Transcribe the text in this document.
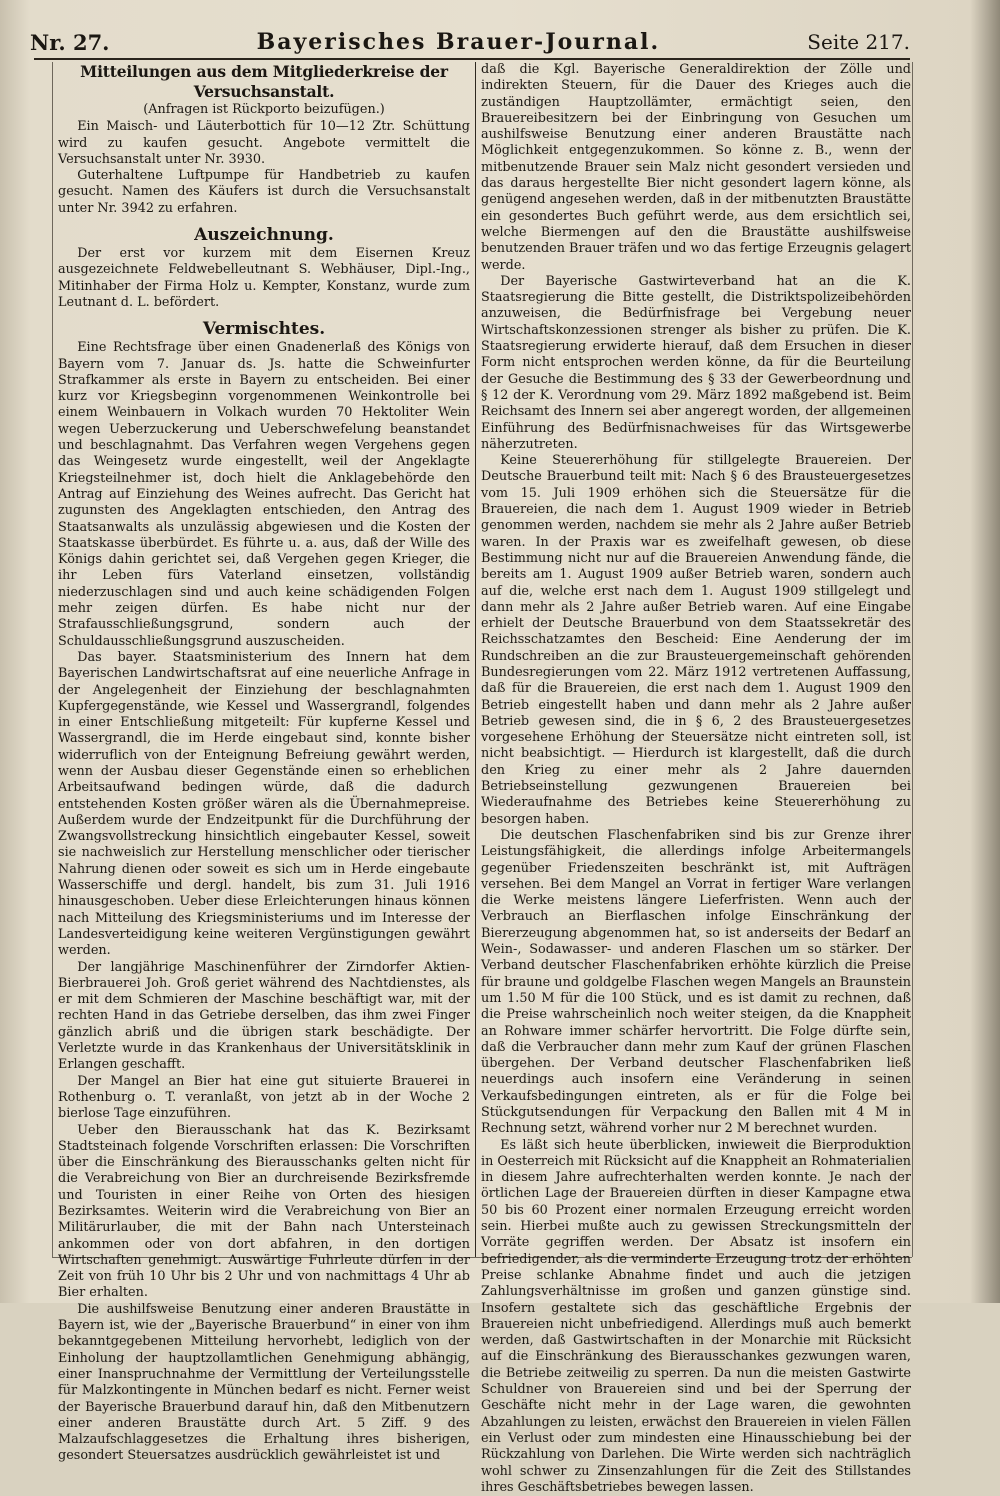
Nr. 27.	Bayerisches Brauer-Journal.	Seite 217.
Mitteilungen aus dem Mitgliederkreise der Versuchsanstalt.
(Anfragen ist Rückporto beizufügen.)

Ein Maisch- und Läuterbottich für 10—12 Ztr. Schüttung wird zu kaufen gesucht. Angebote vermittelt die Versuchsanstalt unter Nr. 3930.

Guterhaltene Luftpumpe für Handbetrieb zu kaufen gesucht. Namen des Käufers ist durch die Versuchsanstalt unter Nr. 3942 zu erfahren.

Auszeichnung.

Der erst vor kurzem mit dem Eisernen Kreuz ausgezeichnete Feldwebelleutnant S. Webhäuser, Dipl.-Ing., Mitinhaber der Firma Holz u. Kempter, Konstanz, wurde zum Leutnant d. L. befördert.

Vermischtes.

Eine Rechtsfrage über einen Gnadenerlaß des Königs von Bayern vom 7. Januar ds. Js. hatte die Schweinfurter Strafkammer als erste in Bayern zu entscheiden. Bei einer kurz vor Kriegsbeginn vorgenommenen Weinkontrolle bei einem Weinbauern in Volkach wurden 70 Hektoliter Wein wegen Ueberzuckerung und Ueberschwefelung beanstandet und beschlagnahmt. Das Verfahren wegen Vergehens gegen das Weingesetz wurde eingestellt, weil der Angeklagte Kriegsteilnehmer ist, doch hielt die Anklagebehörde den Antrag auf Einziehung des Weines aufrecht. Das Gericht hat zugunsten des Angeklagten entschieden, den Antrag des Staatsanwalts als unzulässig abgewiesen und die Kosten der Staatskasse überbürdet. Es führte u. a. aus, daß der Wille des Königs dahin gerichtet sei, daß Vergehen gegen Krieger, die ihr Leben fürs Vaterland einsetzen, vollständig niederzuschlagen sind und auch keine schädigenden Folgen mehr zeigen dürfen. Es habe nicht nur der Strafausschließungsgrund, sondern auch der Schuldausschließungsgrund auszuscheiden.

Das bayer. Staatsministerium des Innern hat dem Bayerischen Landwirtschaftsrat auf eine neuerliche Anfrage in der Angelegenheit der Einziehung der beschlagnahmten Kupfergegenstände, wie Kessel und Wassergrandl, folgendes in einer Entschließung mitgeteilt: Für kupferne Kessel und Wassergrandl, die im Herde eingebaut sind, konnte bisher widerruflich von der Enteignung Befreiung gewährt werden, wenn der Ausbau dieser Gegenstände einen so erheblichen Arbeitsaufwand bedingen würde, daß die dadurch entstehenden Kosten größer wären als die Übernahmepreise. Außerdem wurde der Endzeitpunkt für die Durchführung der Zwangsvollstreckung hinsichtlich eingebauter Kessel, soweit sie nachweislich zur Herstellung menschlicher oder tierischer Nahrung dienen oder soweit es sich um in Herde eingebaute Wasserschiffe und dergl. handelt, bis zum 31. Juli 1916 hinausgeschoben. Ueber diese Erleichterungen hinaus können nach Mitteilung des Kriegsministeriums und im Interesse der Landesverteidigung keine weiteren Vergünstigungen gewährt werden.

Der langjährige Maschinenführer der Zirndorfer Aktien-Bierbrauerei Joh. Groß geriet während des Nachtdienstes, als er mit dem Schmieren der Maschine beschäftigt war, mit der rechten Hand in das Getriebe derselben, das ihm zwei Finger gänzlich abriß und die übrigen stark beschädigte. Der Verletzte wurde in das Krankenhaus der Universitätsklinik in Erlangen geschafft.

Der Mangel an Bier hat eine gut situierte Brauerei in Rothenburg o. T. veranlaßt, von jetzt ab in der Woche 2 bierlose Tage einzuführen.

Ueber den Bierausschank hat das K. Bezirksamt Stadtsteinach folgende Vorschriften erlassen: Die Vorschriften über die Einschränkung des Bierausschanks gelten nicht für die Verabreichung von Bier an durchreisende Bezirksfremde und Touristen in einer Reihe von Orten des hiesigen Bezirksamtes. Weiterin wird die Verabreichung von Bier an Militärurlauber, die mit der Bahn nach Untersteinach ankommen oder von dort abfahren, in den dortigen Wirtschaften genehmigt. Auswärtige Fuhrleute dürfen in der Zeit von früh 10 Uhr bis 2 Uhr und von nachmittags 4 Uhr ab Bier erhalten.

Die aushilfsweise Benutzung einer anderen Braustätte in Bayern ist, wie der „Bayerische Brauerbund“ in einer von ihm bekanntgegebenen Mitteilung hervorhebt, lediglich von der Einholung der hauptzollamtlichen Genehmigung abhängig, einer Inanspruchnahme der Vermittlung der Verteilungsstelle für Malzkontingente in München bedarf es nicht. Ferner weist der Bayerische Brauerbund darauf hin, daß den Mitbenutzern einer anderen Braustätte durch Art. 5 Ziff. 9 des Malzaufschlaggesetzes die Erhaltung ihres bisherigen, gesondert Steuersatzes ausdrücklich gewährleistet ist und

daß die Kgl. Bayerische Generaldirektion der Zölle und indirekten Steuern, für die Dauer des Krieges auch die zuständigen Hauptzollämter, ermächtigt seien, den Brauereibesitzern bei der Einbringung von Gesuchen um aushilfsweise Benutzung einer anderen Braustätte nach Möglichkeit entgegenzukommen. So könne z. B., wenn der mitbenutzende Brauer sein Malz nicht gesondert versieden und das daraus hergestellte Bier nicht gesondert lagern könne, als genügend angesehen werden, daß in der mitbenutzten Braustätte ein gesondertes Buch geführt werde, aus dem ersichtlich sei, welche Biermengen auf den die Braustätte aushilfsweise benutzenden Brauer träfen und wo das fertige Erzeugnis gelagert werde.

Der Bayerische Gastwirteverband hat an die K. Staatsregierung die Bitte gestellt, die Distriktspolizeibehörden anzuweisen, die Bedürfnisfrage bei Vergebung neuer Wirtschaftskonzessionen strenger als bisher zu prüfen. Die K. Staatsregierung erwiderte hierauf, daß dem Ersuchen in dieser Form nicht entsprochen werden könne, da für die Beurteilung der Gesuche die Bestimmung des § 33 der Gewerbeordnung und § 12 der K. Verordnung vom 29. März 1892 maßgebend ist. Beim Reichsamt des Innern sei aber angeregt worden, der allgemeinen Einführung des Bedürfnisnachweises für das Wirtsgewerbe näherzutreten.

Keine Steuererhöhung für stillgelegte Brauereien. Der Deutsche Brauerbund teilt mit: Nach § 6 des Brausteuergesetzes vom 15. Juli 1909 erhöhen sich die Steuersätze für die Brauereien, die nach dem 1. August 1909 wieder in Betrieb genommen werden, nachdem sie mehr als 2 Jahre außer Betrieb waren. In der Praxis war es zweifelhaft gewesen, ob diese Bestimmung nicht nur auf die Brauereien Anwendung fände, die bereits am 1. August 1909 außer Betrieb waren, sondern auch auf die, welche erst nach dem 1. August 1909 stillgelegt und dann mehr als 2 Jahre außer Betrieb waren. Auf eine Eingabe erhielt der Deutsche Brauerbund von dem Staatssekretär des Reichsschatzamtes den Bescheid: Eine Aenderung der im Rundschreiben an die zur Brausteuergemeinschaft gehörenden Bundesregierungen vom 22. März 1912 vertretenen Auffassung, daß für die Brauereien, die erst nach dem 1. August 1909 den Betrieb eingestellt haben und dann mehr als 2 Jahre außer Betrieb gewesen sind, die in § 6, 2 des Brausteuergesetzes vorgesehene Erhöhung der Steuersätze nicht eintreten soll, ist nicht beabsichtigt. — Hierdurch ist klargestellt, daß die durch den Krieg zu einer mehr als 2 Jahre dauernden Betriebseinstellung gezwungenen Brauereien bei Wiederaufnahme des Betriebes keine Steuererhöhung zu besorgen haben.

Die deutschen Flaschenfabriken sind bis zur Grenze ihrer Leistungsfähigkeit, die allerdings infolge Arbeitermangels gegenüber Friedenszeiten beschränkt ist, mit Aufträgen versehen. Bei dem Mangel an Vorrat in fertiger Ware verlangen die Werke meistens längere Lieferfristen. Wenn auch der Verbrauch an Bierflaschen infolge Einschränkung der Biererzeugung abgenommen hat, so ist anderseits der Bedarf an Wein-, Sodawasser- und anderen Flaschen um so stärker. Der Verband deutscher Flaschenfabriken erhöhte kürzlich die Preise für braune und goldgelbe Flaschen wegen Mangels an Braunstein um 1.50 M für die 100 Stück, und es ist damit zu rechnen, daß die Preise wahrscheinlich noch weiter steigen, da die Knappheit an Rohware immer schärfer hervortritt. Die Folge dürfte sein, daß die Verbraucher dann mehr zum Kauf der grünen Flaschen übergehen. Der Verband deutscher Flaschenfabriken ließ neuerdings auch insofern eine Veränderung in seinen Verkaufsbedingungen eintreten, als er für die Folge bei Stückgutsendungen für Verpackung den Ballen mit 4 M in Rechnung setzt, während vorher nur 2 M berechnet wurden.

Es läßt sich heute überblicken, inwieweit die Bierproduktion in Oesterreich mit Rücksicht auf die Knappheit an Rohmaterialien in diesem Jahre aufrechterhalten werden konnte. Je nach der örtlichen Lage der Brauereien dürften in dieser Kampagne etwa 50 bis 60 Prozent einer normalen Erzeugung erreicht worden sein. Hierbei mußte auch zu gewissen Streckungsmitteln der Vorräte gegriffen werden. Der Absatz ist insofern ein befriedigender, als die verminderte Erzeugung trotz der erhöhten Preise schlanke Abnahme findet und auch die jetzigen Zahlungsverhältnisse im großen und ganzen günstige sind. Insofern gestaltete sich das geschäftliche Ergebnis der Brauereien nicht unbefriedigend. Allerdings muß auch bemerkt werden, daß Gastwirtschaften in der Monarchie mit Rücksicht auf die Einschränkung des Bierausschankes gezwungen waren, die Betriebe zeitweilig zu sperren. Da nun die meisten Gastwirte Schuldner von Brauereien sind und bei der Sperrung der Geschäfte nicht mehr in der Lage waren, die gewohnten Abzahlungen zu leisten, erwächst den Brauereien in vielen Fällen ein Verlust oder zum mindesten eine Hinausschiebung bei der Rückzahlung von Darlehen. Die Wirte werden sich nachträglich wohl schwer zu Zinsenzahlungen für die Zeit des Stillstandes ihres Geschäftsbetriebes bewegen lassen.
